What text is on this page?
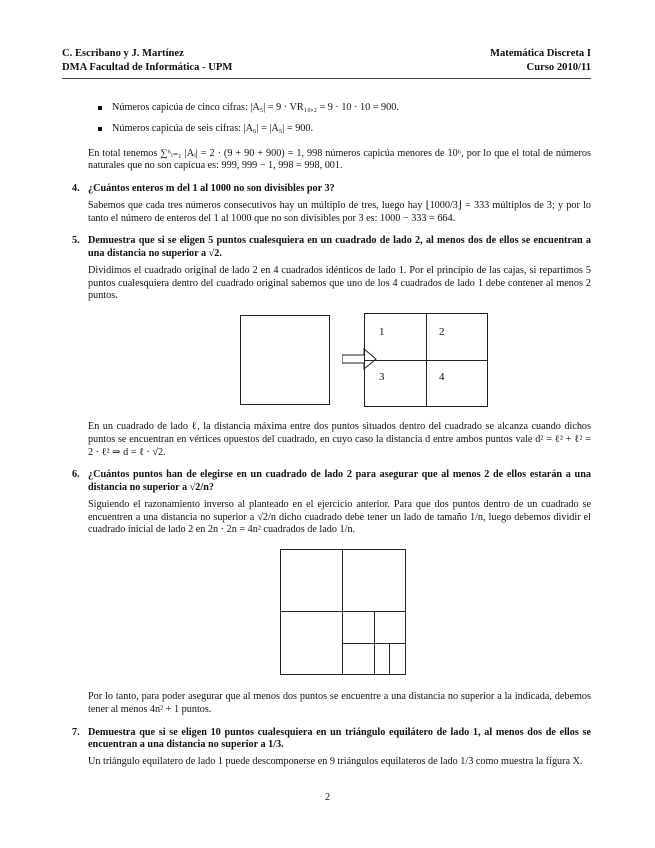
C. Escribano y J. Martínez
DMA Facultad de Informática - UPM
Matemática Discreta I
Curso 2010/11
Números capicúa de cinco cifras: |A₅| = 9 · VR₁₀,₂ = 9 · 10 · 10 = 900.
Números capicúa de seis cifras: |A₆| = |A₅| = 900.

En total tenemos ∑⁶ᵢ₌₁ |Aᵢ| = 2 · (9 + 90 + 900) = 1, 998 números capicúa menores de 10⁶, por lo que el total de números naturales que no son capícua es: 999, 999 − 1, 998 = 998, 001.

4. ¿Cuántos enteros m del 1 al 1000 no son divisibles por 3?

Sabemos que cada tres números consecutivos hay un múltiplo de tres, luego hay ⌊1000/3⌋ = 333 múltiplos de 3; y por lo tanto el número de enteros del 1 al 1000 que no son divisibles por 3 es: 1000 − 333 = 664.

5. Demuestra que si se eligen 5 puntos cualesquiera en un cuadrado de lado 2, al menos dos de ellos se encuentran a una distancia no superior a √2.

Dividimos el cuadrado original de lado 2 en 4 cuadrados idénticos de lado 1. Por el principio de las cajas, si repartimos 5 puntos cualesquiera dentro del cuadrado original sabemos que uno de los 4 cuadrados de lado 1 debe contener al menos 2 puntos.

1	2
3	4

En un cuadrado de lado ℓ, la distancia máxima entre dos puntos situados dentro del cuadrado se alcanza cuando dichos puntos se encuentran en vértices opuestos del cuadrado, en cuyo caso la distancia d entre ambos puntos vale d² = ℓ² + ℓ² = 2 · ℓ² ⇒ d = ℓ · √2.

6. ¿Cuántos puntos han de elegirse en un cuadrado de lado 2 para asegurar que al menos 2 de ellos estarán a una distancia no superior a √2/n?

Siguiendo el razonamiento inverso al planteado en el ejercicio anterior. Para que dos puntos dentro de un cuadrado se encuentren a una distancia no superior a √2/n dicho cuadrado debe tener un lado de tamaño 1/n, luego debemos dividir el cuadrado inicial de lado 2 en 2n · 2n = 4n² cuadrados de lado 1/n.

Por lo tanto, para poder asegurar que al menos dos puntos se encuentre a una distancia no superior a la indicada, debemos tener al menos 4n² + 1 puntos.

7. Demuestra que si se eligen 10 puntos cualesquiera en un triángulo equilátero de lado 1, al menos dos de ellos se encuentran a una distancia no superior a 1/3.

Un triángulo equilatero de lado 1 puede descomponerse en 9 triángulos equilateros de lado 1/3 como muestra la figura X.

2
